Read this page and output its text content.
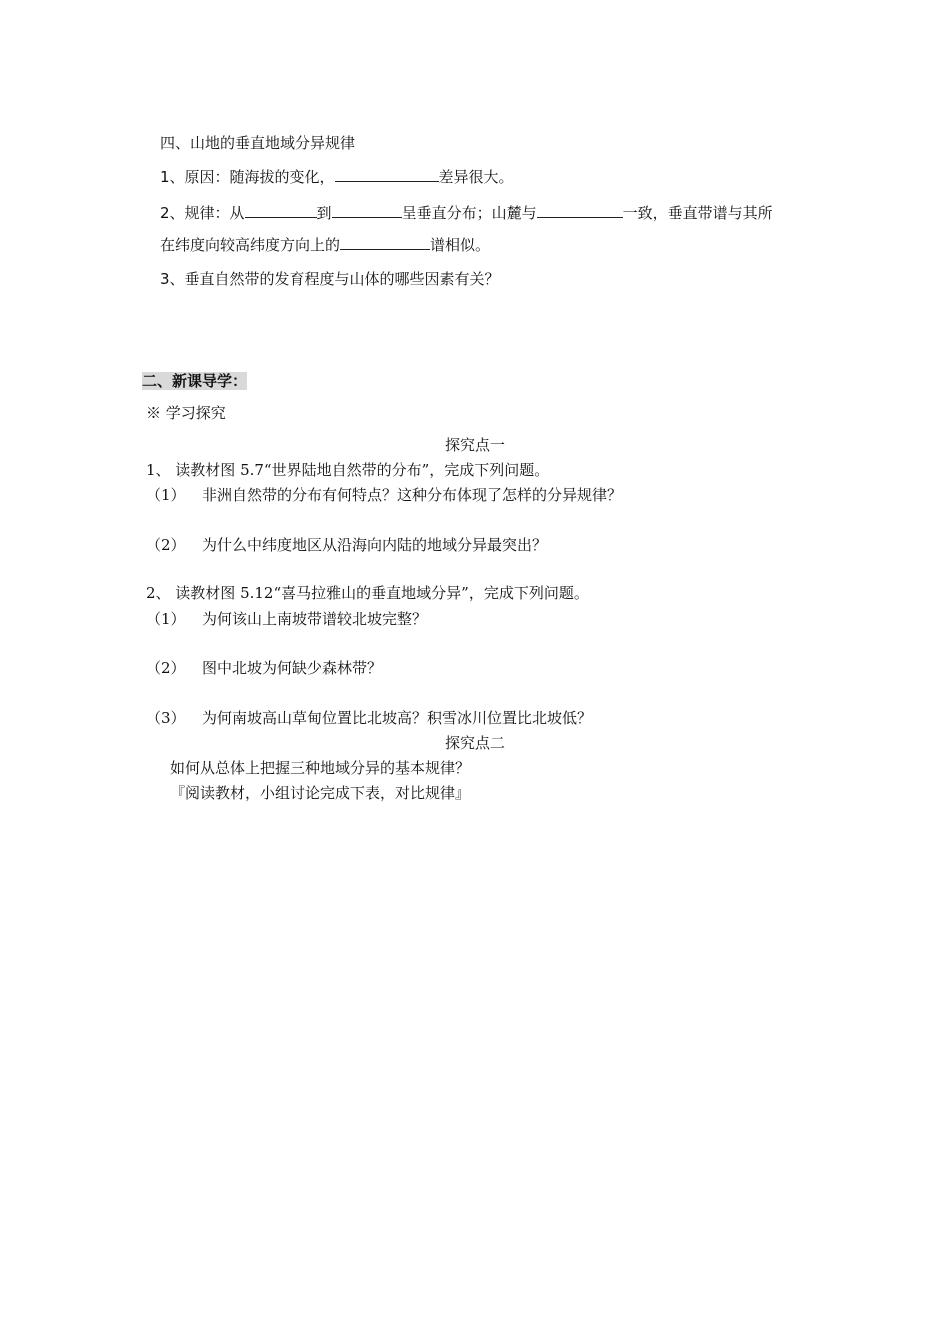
四、山地的垂直地域分异规律
1、原因：随海拔的变化，	差异很大。
2、规律：从	到	呈垂直分布；山麓与	一致，垂直带谱与其所
在纬度向较高纬度方向上的	谱相似。
3、垂直自然带的发育程度与山体的哪些因素有关？
二、新课导学：
※ 学习探究
探究点一
1、 读教材图 5.7“世界陆地自然带的分布”，完成下列问题。
（1） 非洲自然带的分布有何特点？这种分布体现了怎样的分异规律？
（2） 为什么中纬度地区从沿海向内陆的地域分异最突出？
2、 读教材图 5.12“喜马拉雅山的垂直地域分异”，完成下列问题。
（1） 为何该山上南坡带谱较北坡完整？
（2） 图中北坡为何缺少森林带？
（3） 为何南坡高山草甸位置比北坡高？积雪冰川位置比北坡低？
探究点二
如何从总体上把握三种地域分异的基本规律？
『阅读教材，小组讨论完成下表，对比规律』
